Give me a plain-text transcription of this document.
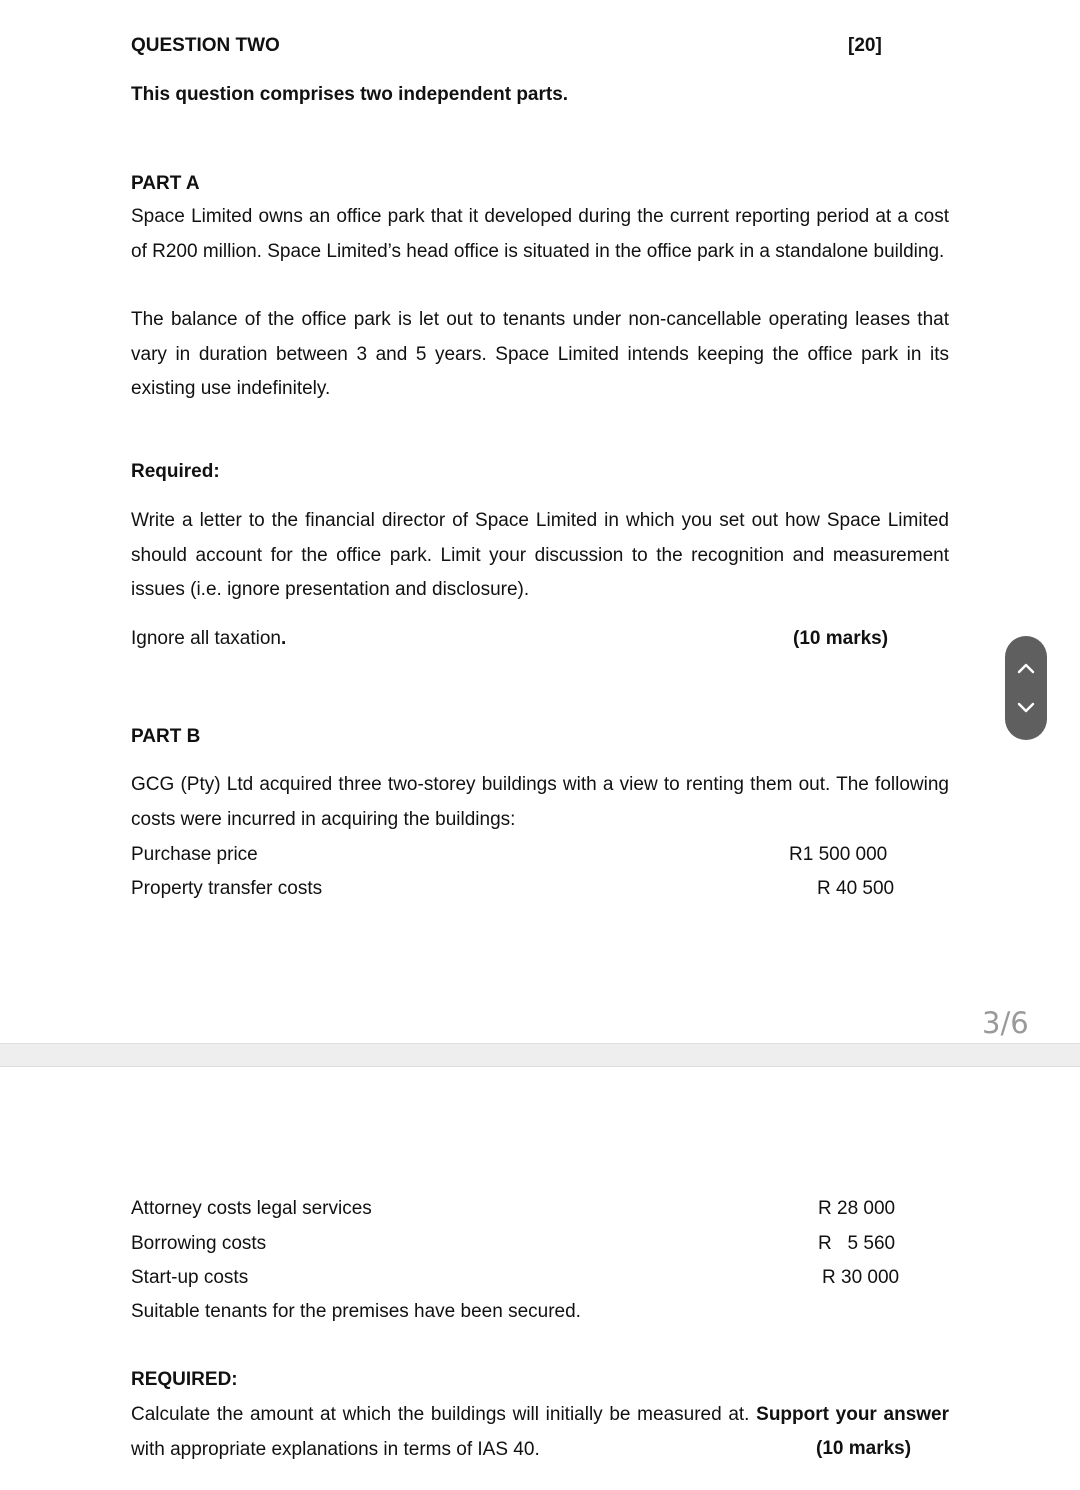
QUESTION TWO	[20]
This question comprises two independent parts.
PART A
Space Limited owns an office park that it developed during the current reporting period at a cost of R200 million. Space Limited’s head office is situated in the office park in a standalone building.
The balance of the office park is let out to tenants under non-cancellable operating leases that vary in duration between 3 and 5 years. Space Limited intends keeping the office park in its existing use indefinitely.
Required:
Write a letter to the financial director of Space Limited in which you set out how Space Limited should account for the office park. Limit your discussion to the recognition and measurement issues (i.e. ignore presentation and disclosure).
Ignore all taxation.	(10 marks)
PART B
GCG (Pty) Ltd acquired three two-storey buildings with a view to renting them out. The following costs were incurred in acquiring the buildings:
Purchase price	R1 500 000
Property transfer costs	R 40 500
3/6
Attorney costs legal services	R 28 000
Borrowing costs	R   5 560
Start-up costs	R 30 000
Suitable tenants for the premises have been secured.
REQUIRED:
Calculate the amount at which the buildings will initially be measured at. Support your answer with appropriate explanations in terms of IAS 40.	(10 marks)
